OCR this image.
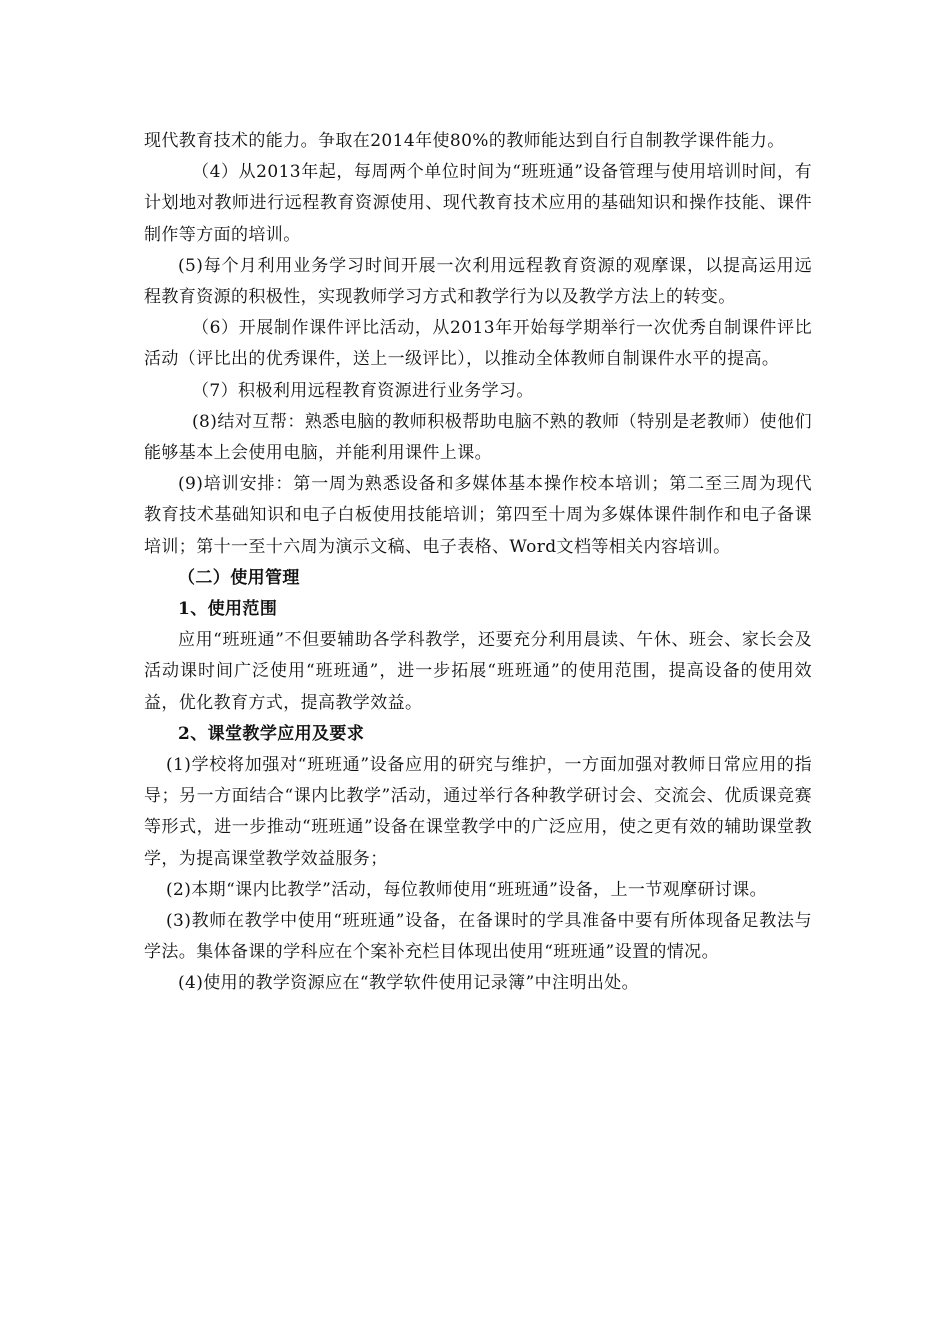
现代教育技术的能力。争取在2014年使80%的教师能达到自行自制教学课件能力。

（4）从2013年起，每周两个单位时间为“班班通”设备管理与使用培训时间，有计划地对教师进行远程教育资源使用、现代教育技术应用的基础知识和操作技能、课件制作等方面的培训。

(5)每个月利用业务学习时间开展一次利用远程教育资源的观摩课，以提高运用远程教育资源的积极性，实现教师学习方式和教学行为以及教学方法上的转变。

（6）开展制作课件评比活动，从2013年开始每学期举行一次优秀自制课件评比活动（评比出的优秀课件，送上一级评比），以推动全体教师自制课件水平的提高。

（7）积极利用远程教育资源进行业务学习。

(8)结对互帮：熟悉电脑的教师积极帮助电脑不熟的教师（特别是老教师）使他们能够基本上会使用电脑，并能利用课件上课。

(9)培训安排：第一周为熟悉设备和多媒体基本操作校本培训；第二至三周为现代教育技术基础知识和电子白板使用技能培训；第四至十周为多媒体课件制作和电子备课培训；第十一至十六周为演示文稿、电子表格、Word文档等相关内容培训。

（二）使用管理

1、使用范围

应用“班班通”不但要辅助各学科教学，还要充分利用晨读、午休、班会、家长会及活动课时间广泛使用“班班通”，进一步拓展“班班通”的使用范围，提高设备的使用效益，优化教育方式，提高教学效益。

2、课堂教学应用及要求

(1)学校将加强对“班班通”设备应用的研究与维护，一方面加强对教师日常应用的指导；另一方面结合“课内比教学”活动，通过举行各种教学研讨会、交流会、优质课竞赛等形式，进一步推动“班班通”设备在课堂教学中的广泛应用，使之更有效的辅助课堂教学，为提高课堂教学效益服务；

(2)本期“课内比教学”活动，每位教师使用“班班通”设备，上一节观摩研讨课。

(3)教师在教学中使用“班班通”设备，在备课时的学具准备中要有所体现备足教法与学法。集体备课的学科应在个案补充栏目体现出使用“班班通”设置的情况。

(4)使用的教学资源应在“教学软件使用记录簿”中注明出处。
